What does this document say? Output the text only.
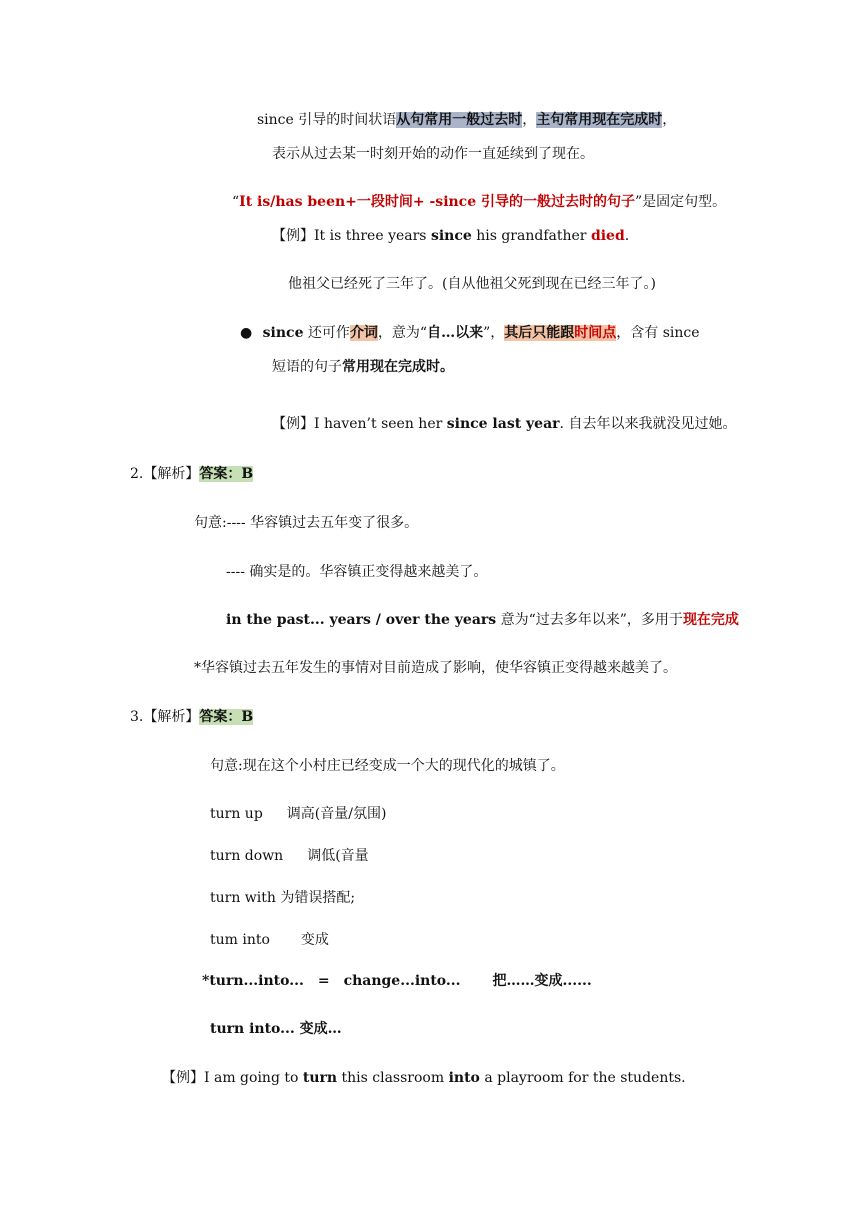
since 引导的时间状语从句常用一般过去时，主句常用现在完成时，
表示从过去某一时刻开始的动作一直延续到了现在。
“It is/has been+一段时间+ -since 引导的一般过去时的句子”是固定句型。
【例】It is three years since his grandfather died.
他祖父已经死了三年了。(自从他祖父死到现在已经三年了。)
● since 还可作介词，意为“自…以来”，其后只能跟时间点，含有 since
短语的句子常用现在完成时。
【例】I haven’t seen her since last year. 自去年以来我就没见过她。
2.【解析】答案：B
句意:---- 华容镇过去五年变了很多。
---- 确实是的。华容镇正变得越来越美了。
in the past... years / over the years 意为“过去多年以来”，多用于现在完成
*华容镇过去五年发生的事情对目前造成了影响，使华容镇正变得越来越美了。
3.【解析】答案：B
句意:现在这个小村庄已经变成一个大的现代化的城镇了。
turn up 调高(音量/氛围)
turn down 调低(音量
turn with 为错误搭配;
tum into 变成
*turn...into... = change...into... 把……变成......
turn into... 变成…
【例】I am going to turn this classroom into a playroom for the students.
